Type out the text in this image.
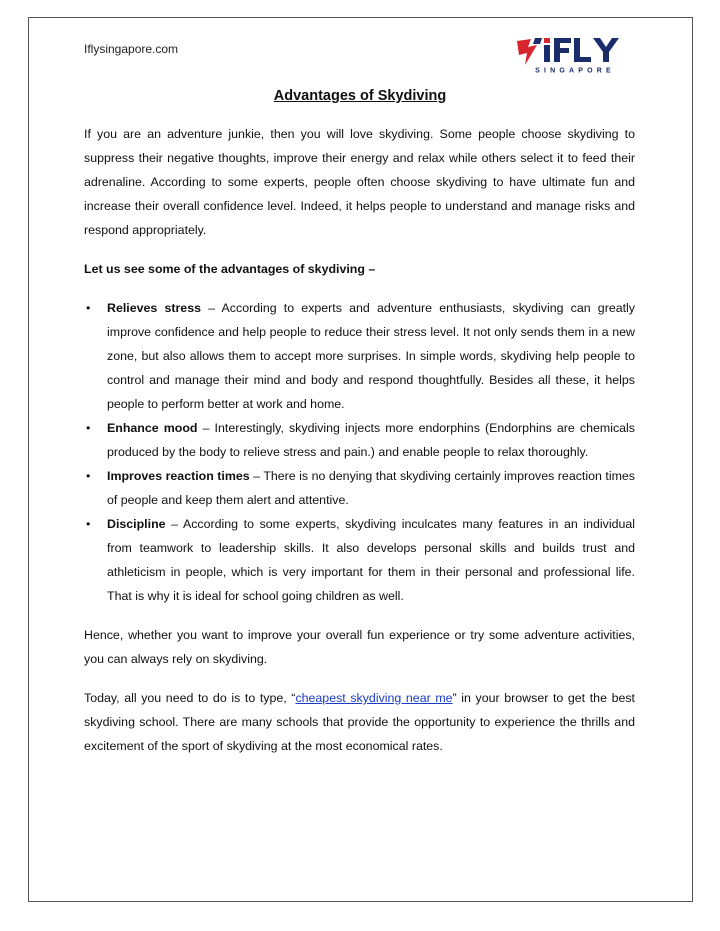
Iflysingapore.com
SINGAPORE
Advantages of Skydiving

If you are an adventure junkie, then you will love skydiving. Some people choose skydiving to suppress their negative thoughts, improve their energy and relax while others select it to feed their adrenaline. According to some experts, people often choose skydiving to have ultimate fun and increase their overall confidence level. Indeed, it helps people to understand and manage risks and respond appropriately.

Let us see some of the advantages of skydiving –

• Relieves stress – According to experts and adventure enthusiasts, skydiving can greatly improve confidence and help people to reduce their stress level. It not only sends them in a new zone, but also allows them to accept more surprises. In simple words, skydiving help people to control and manage their mind and body and respond thoughtfully. Besides all these, it helps people to perform better at work and home.
• Enhance mood – Interestingly, skydiving injects more endorphins (Endorphins are chemicals produced by the body to relieve stress and pain.) and enable people to relax thoroughly.
• Improves reaction times – There is no denying that skydiving certainly improves reaction times of people and keep them alert and attentive.
• Discipline – According to some experts, skydiving inculcates many features in an individual from teamwork to leadership skills. It also develops personal skills and builds trust and athleticism in people, which is very important for them in their personal and professional life. That is why it is ideal for school going children as well.

Hence, whether you want to improve your overall fun experience or try some adventure activities, you can always rely on skydiving.

Today, all you need to do is to type, “cheapest skydiving near me” in your browser to get the best skydiving school. There are many schools that provide the opportunity to experience the thrills and excitement of the sport of skydiving at the most economical rates.
